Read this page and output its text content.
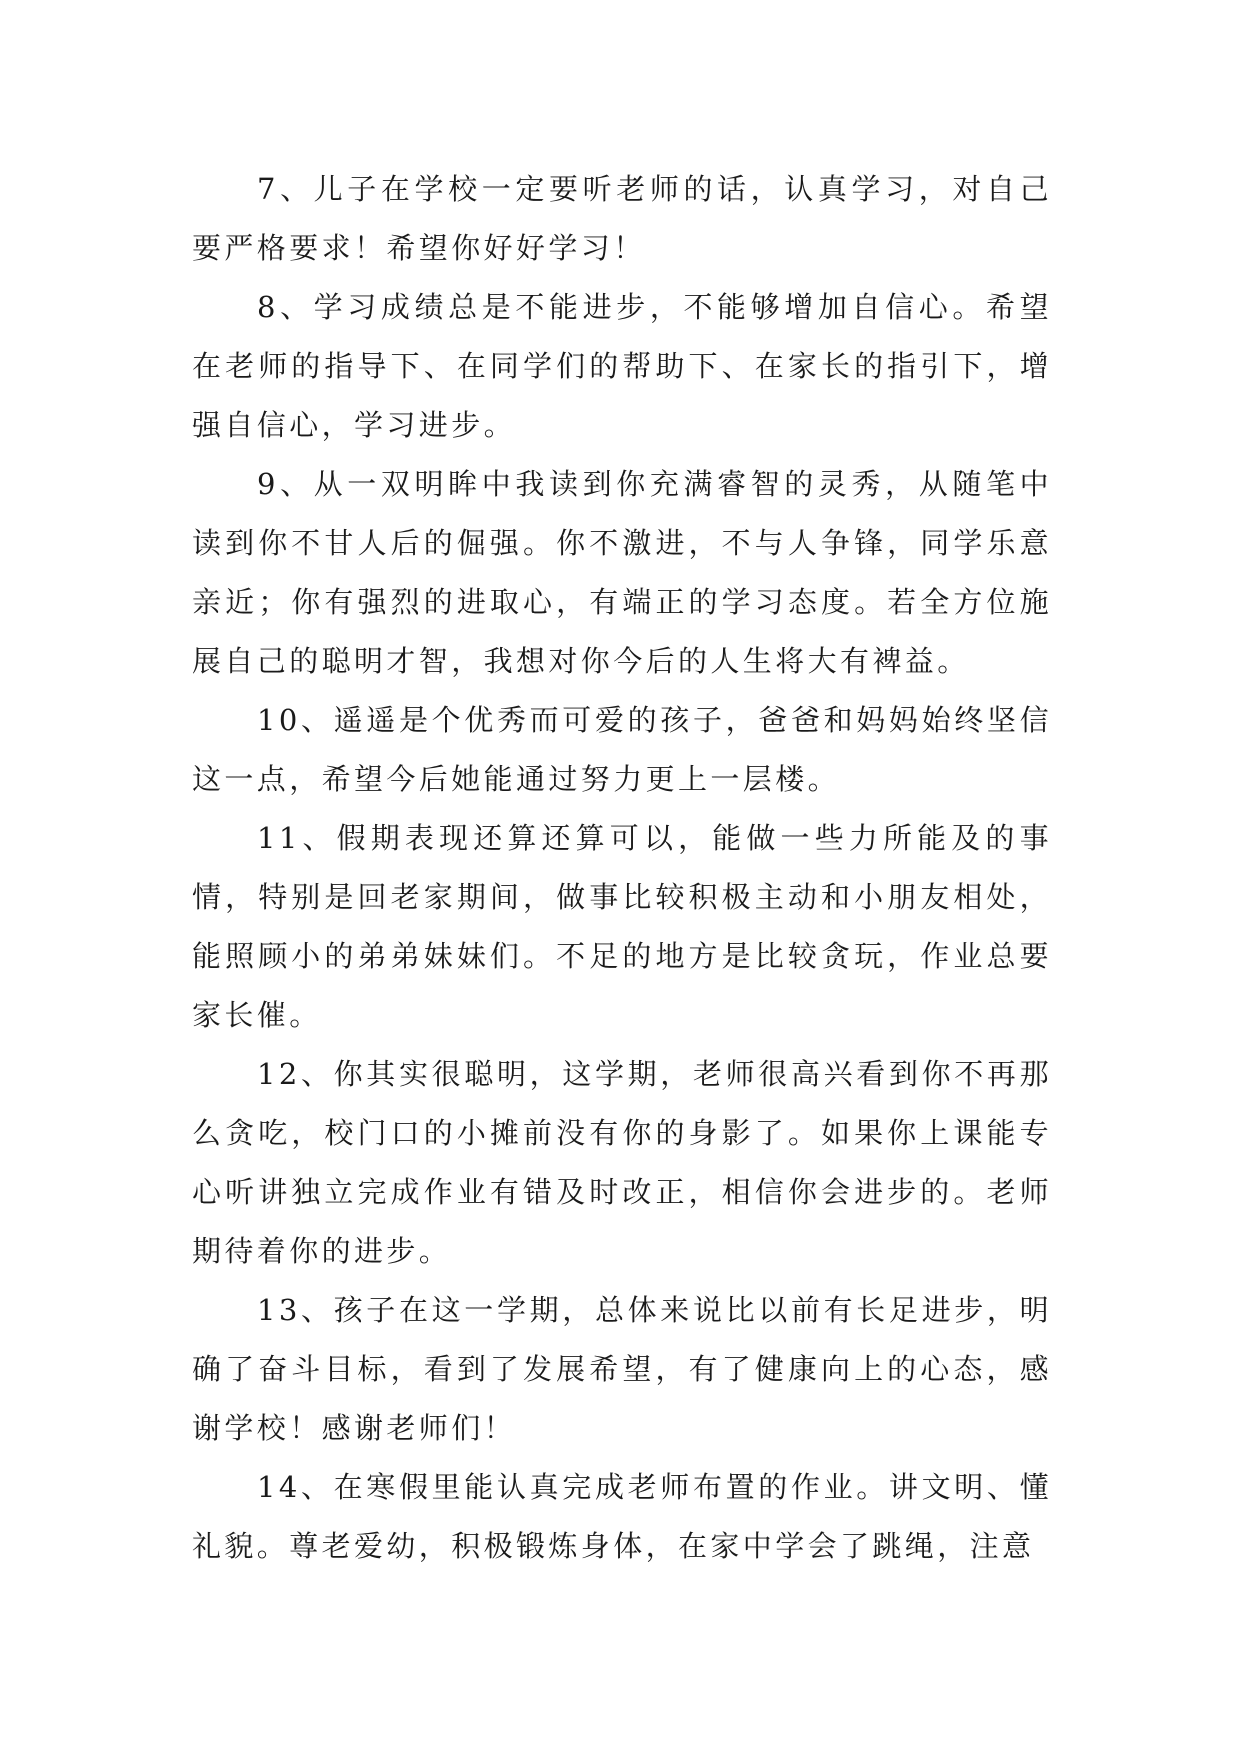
7、儿子在学校一定要听老师的话，认真学习，对自己要严格要求！希望你好好学习！

8、学习成绩总是不能进步，不能够增加自信心。希望在老师的指导下、在同学们的帮助下、在家长的指引下，增强自信心，学习进步。

9、从一双明眸中我读到你充满睿智的灵秀，从随笔中读到你不甘人后的倔强。你不激进，不与人争锋，同学乐意亲近；你有强烈的进取心，有端正的学习态度。若全方位施展自己的聪明才智，我想对你今后的人生将大有裨益。

10、遥遥是个优秀而可爱的孩子，爸爸和妈妈始终坚信这一点，希望今后她能通过努力更上一层楼。

11、假期表现还算还算可以，能做一些力所能及的事情，特别是回老家期间，做事比较积极主动和小朋友相处，能照顾小的弟弟妹妹们。不足的地方是比较贪玩，作业总要家长催。

12、你其实很聪明，这学期，老师很高兴看到你不再那么贪吃，校门口的小摊前没有你的身影了。如果你上课能专心听讲独立完成作业有错及时改正，相信你会进步的。老师期待着你的进步。

13、孩子在这一学期，总体来说比以前有长足进步，明确了奋斗目标，看到了发展希望，有了健康向上的心态，感谢学校！感谢老师们！

14、在寒假里能认真完成老师布置的作业。讲文明、懂礼貌。尊老爱幼，积极锻炼身体，在家中学会了跳绳，注意
